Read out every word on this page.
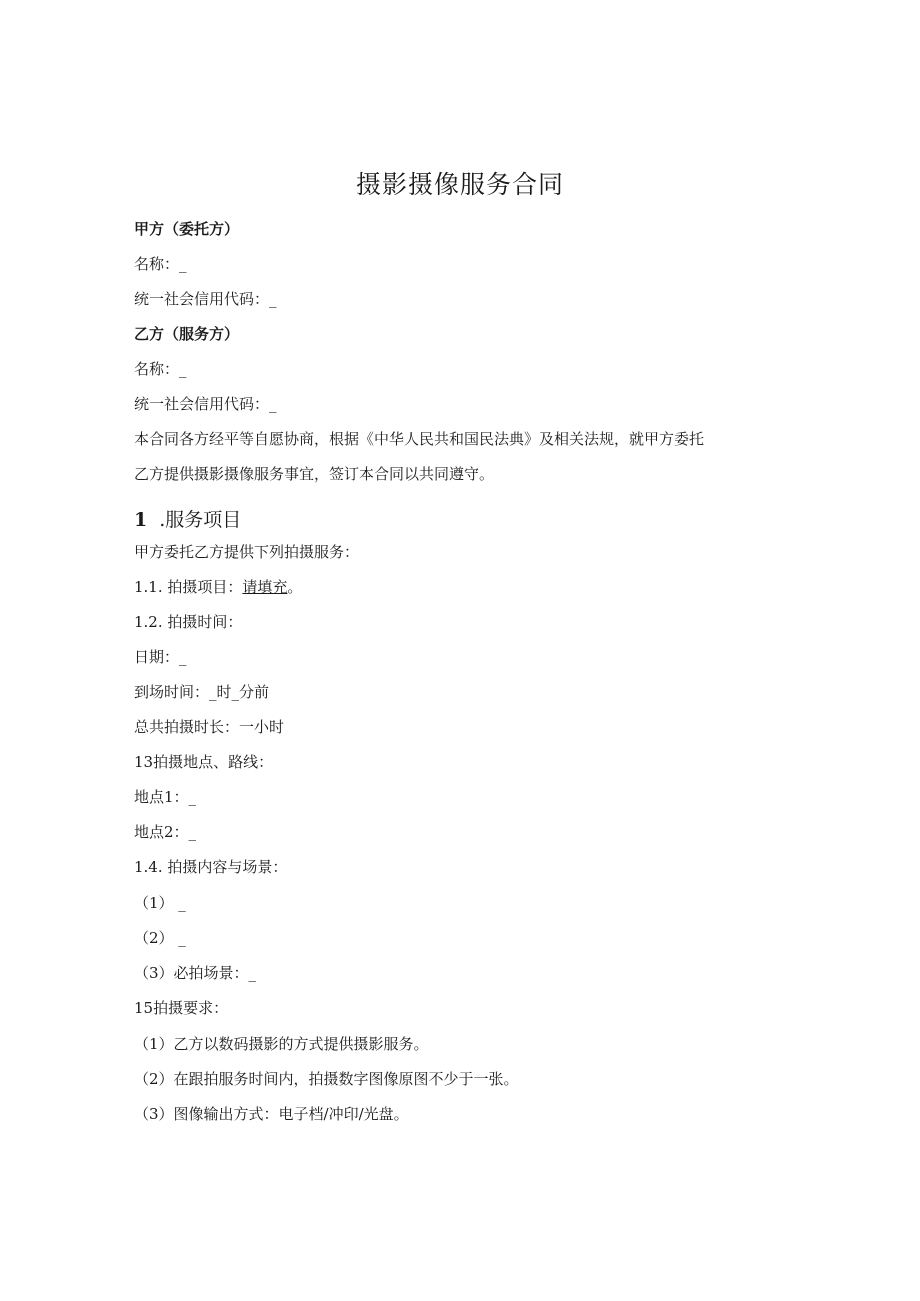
摄影摄像服务合同
甲方（委托方）
名称：_
统一社会信用代码：_
乙方（服务方）
名称：_
统一社会信用代码：_
本合同各方经平等自愿协商，根据《中华人民共和国民法典》及相关法规，就甲方委托
乙方提供摄影摄像服务事宜，签订本合同以共同遵守。
1 .服务项目
甲方委托乙方提供下列拍摄服务：
1.1. 拍摄项目：请填充。
1.2. 拍摄时间：
日期：_
到场时间：_时_分前
总共拍摄时长：一小时
13拍摄地点、路线：
地点1：_
地点2：_
1.4. 拍摄内容与场景：
（1） _
（2） _
（3）必拍场景：_
15拍摄要求：
（1）乙方以数码摄影的方式提供摄影服务。
（2）在跟拍服务时间内，拍摄数字图像原图不少于一张。
（3）图像输出方式：电子档/冲印/光盘。
